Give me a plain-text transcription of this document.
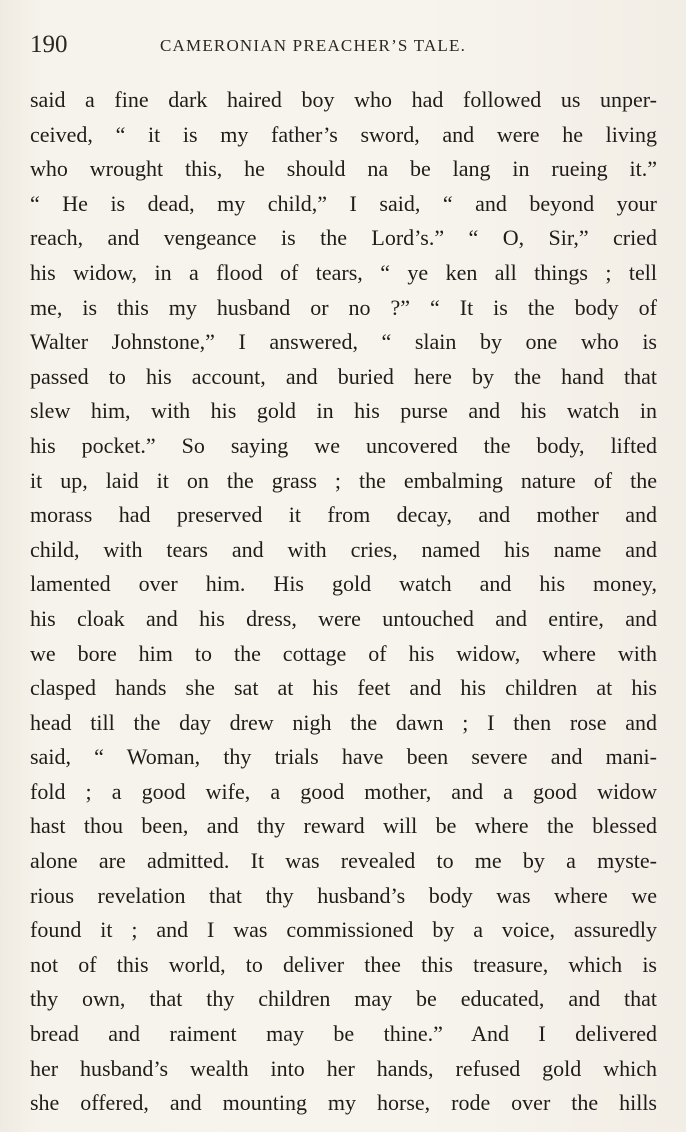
190	CAMERONIAN PREACHER’S TALE.
said a fine dark haired boy who had followed us unper-
ceived, “ it is my father’s sword, and were he living
who wrought this, he should na be lang in rueing it.”
“ He is dead, my child,” I said, “ and beyond your
reach, and vengeance is the Lord’s.” “ O, Sir,” cried
his widow, in a flood of tears, “ ye ken all things ; tell
me, is this my husband or no ?” “ It is the body of
Walter Johnstone,” I answered, “ slain by one who is
passed to his account, and buried here by the hand that
slew him, with his gold in his purse and his watch in
his pocket.” So saying we uncovered the body, lifted
it up, laid it on the grass ; the embalming nature of the
morass had preserved it from decay, and mother and
child, with tears and with cries, named his name and
lamented over him. His gold watch and his money,
his cloak and his dress, were untouched and entire, and
we bore him to the cottage of his widow, where with
clasped hands she sat at his feet and his children at his
head till the day drew nigh the dawn ; I then rose and
said, “ Woman, thy trials have been severe and mani-
fold ; a good wife, a good mother, and a good widow
hast thou been, and thy reward will be where the blessed
alone are admitted. It was revealed to me by a myste-
rious revelation that thy husband’s body was where we
found it ; and I was commissioned by a voice, assuredly
not of this world, to deliver thee this treasure, which is
thy own, that thy children may be educated, and that
bread and raiment may be thine.” And I delivered
her husband’s wealth into her hands, refused gold which
she offered, and mounting my horse, rode over the hills
